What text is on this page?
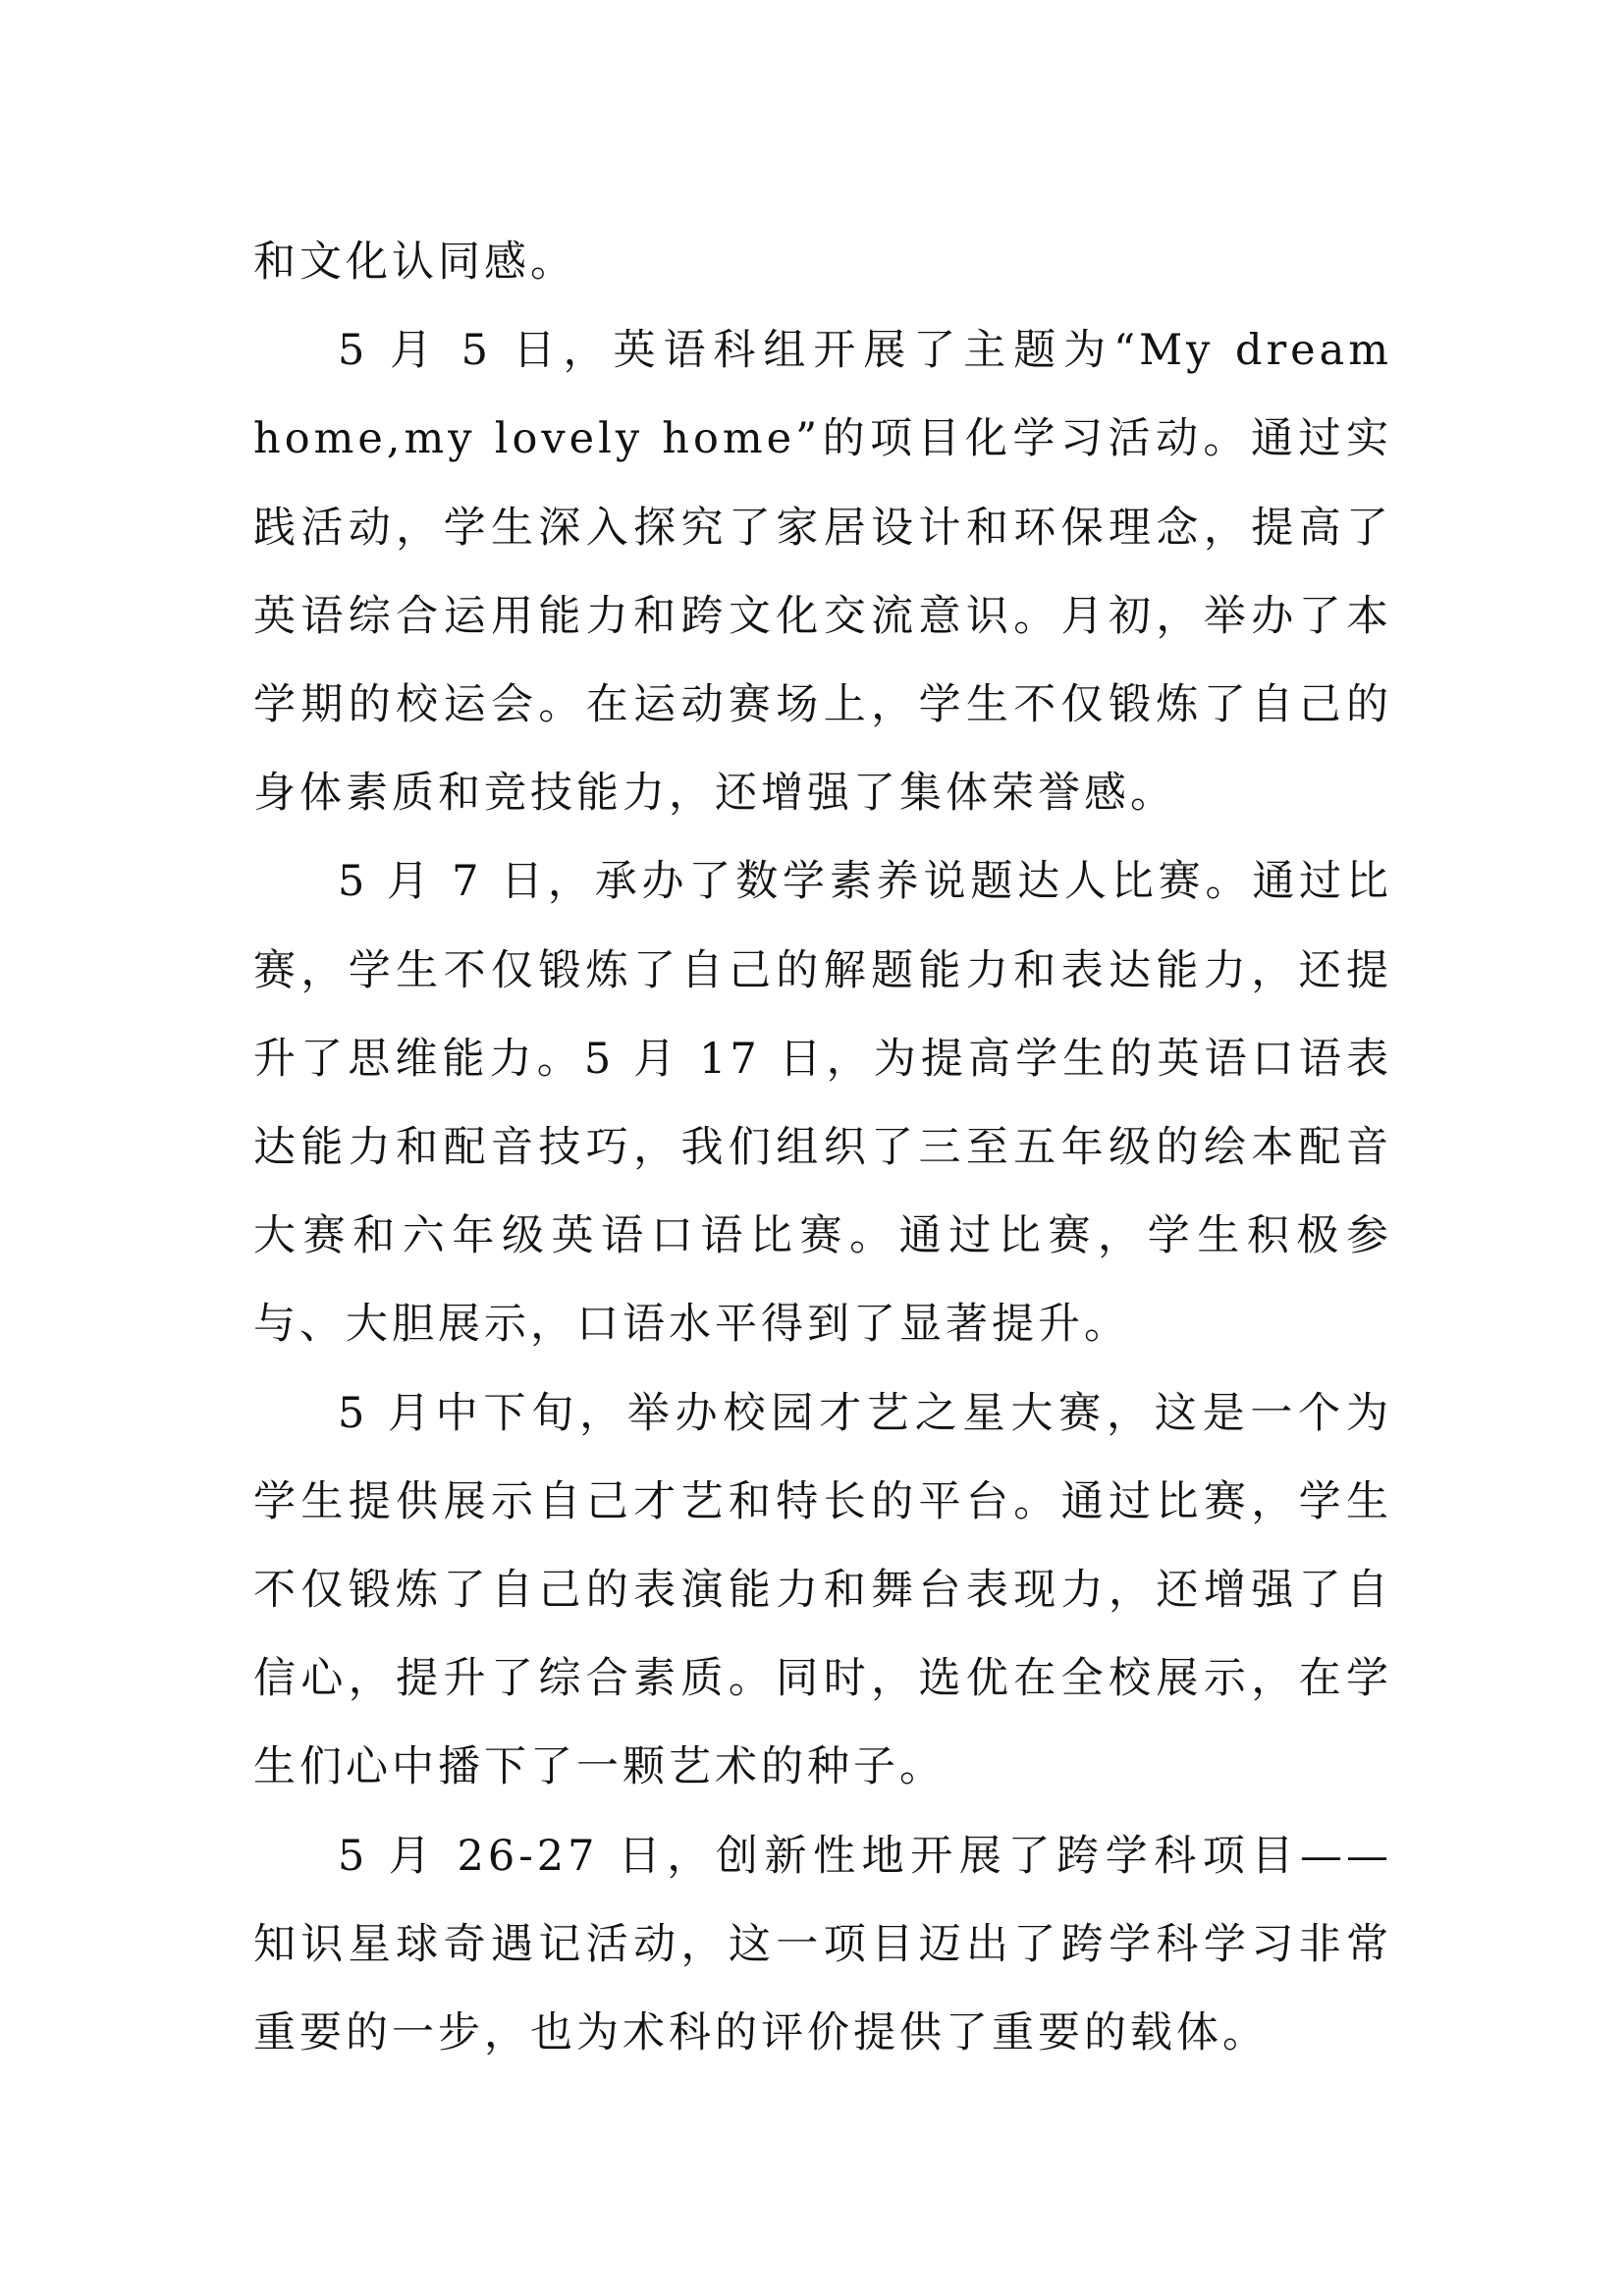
和文化认同感。

5 月 5 日，英语科组开展了主题为“My dream home,my lovely home”的项目化学习活动。通过实践活动，学生深入探究了家居设计和环保理念，提高了英语综合运用能力和跨文化交流意识。月初，举办了本学期的校运会。在运动赛场上，学生不仅锻炼了自己的身体素质和竞技能力，还增强了集体荣誉感。

5 月 7 日，承办了数学素养说题达人比赛。通过比赛，学生不仅锻炼了自己的解题能力和表达能力，还提升了思维能力。5 月 17 日，为提高学生的英语口语表达能力和配音技巧，我们组织了三至五年级的绘本配音大赛和六年级英语口语比赛。通过比赛，学生积极参与、大胆展示，口语水平得到了显著提升。

5 月中下旬，举办校园才艺之星大赛，这是一个为学生提供展示自己才艺和特长的平台。通过比赛，学生不仅锻炼了自己的表演能力和舞台表现力，还增强了自信心，提升了综合素质。同时，选优在全校展示，在学生们心中播下了一颗艺术的种子。

5 月 26-27 日，创新性地开展了跨学科项目——知识星球奇遇记活动，这一项目迈出了跨学科学习非常重要的一步，也为术科的评价提供了重要的载体。
